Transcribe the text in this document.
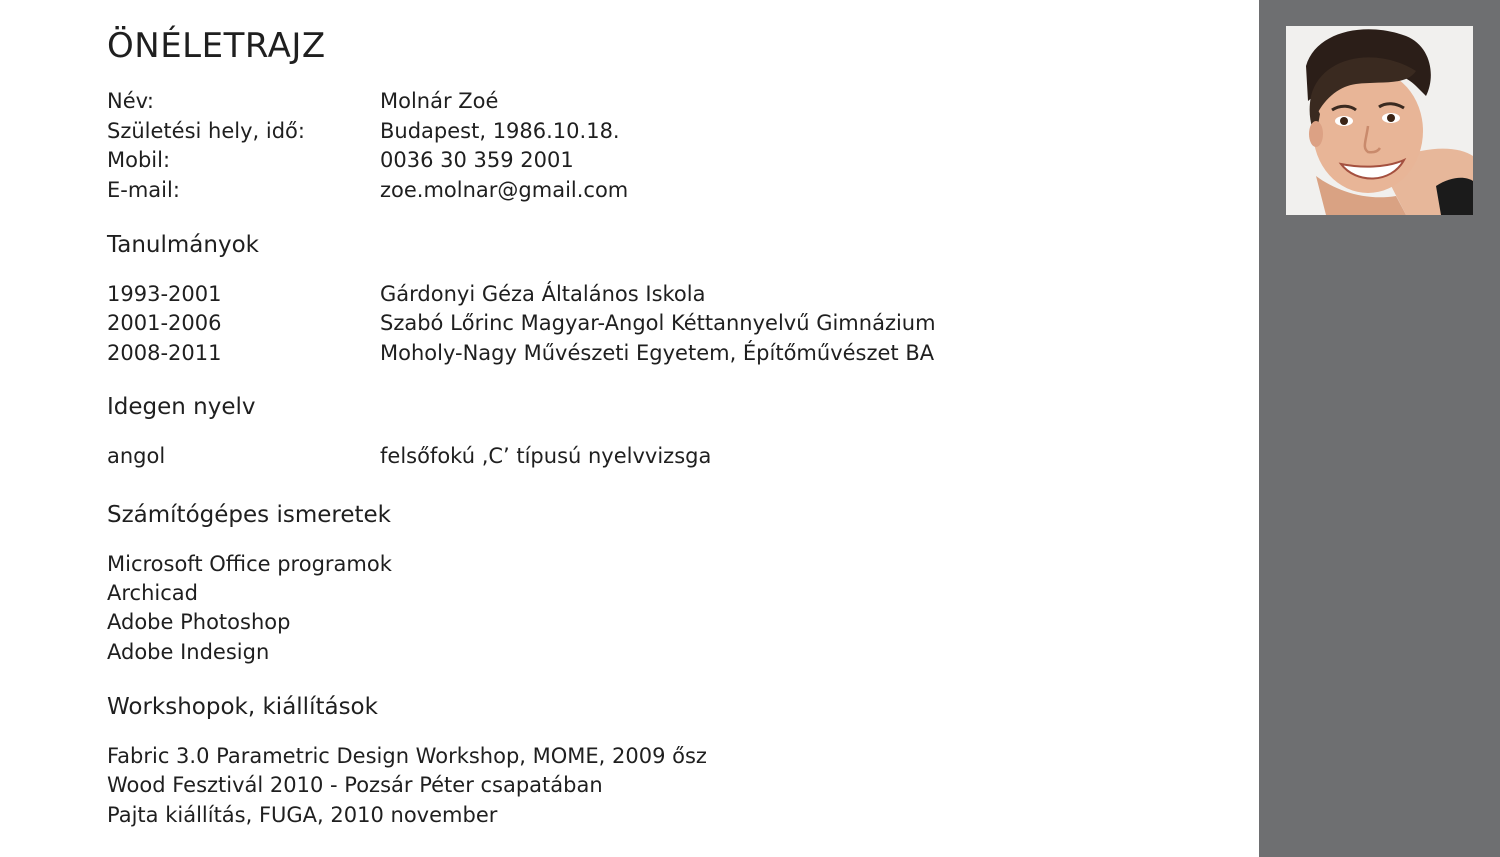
ÖNÉLETRAJZ
Név:	Molnár Zoé
Születési hely, idő:	Budapest, 1986.10.18.
Mobil:	0036 30 359 2001
E-mail:	zoe.molnar@gmail.com
Tanulmányok
1993-2001	Gárdonyi Géza Általános Iskola
2001-2006	Szabó Lőrinc Magyar-Angol Kéttannyelvű Gimnázium
2008-2011	Moholy-Nagy Művészeti Egyetem, Építőművészet BA
Idegen nyelv
angol	felsőfokú ‚C’ típusú nyelvvizsga
Számítógépes ismeretek
Microsoft Office programok
Archicad
Adobe Photoshop
Adobe Indesign
Workshopok, kiállítások
Fabric 3.0 Parametric Design Workshop, MOME, 2009 ősz
Wood Fesztivál 2010 - Pozsár Péter csapatában
Pajta kiállítás, FUGA, 2010 november
